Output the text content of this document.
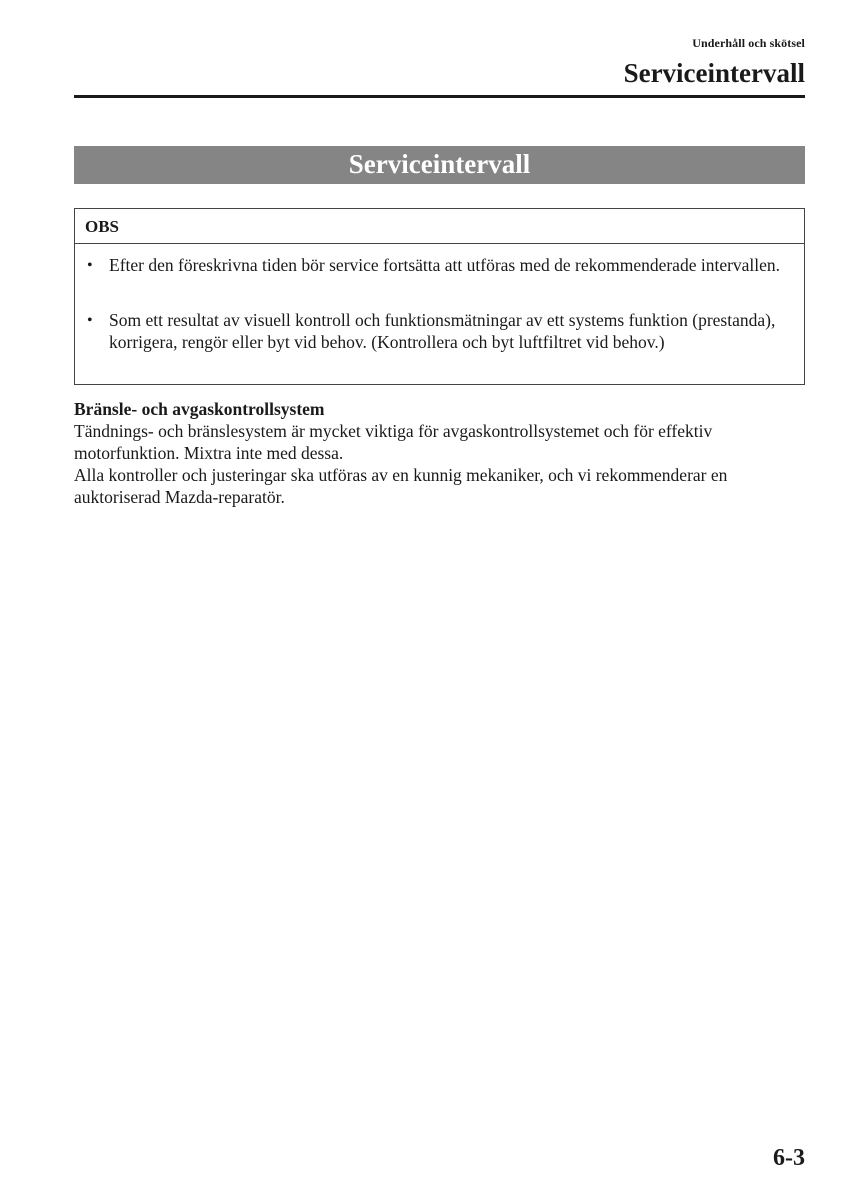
Underhåll och skötsel
Serviceintervall
Serviceintervall
OBS
• Efter den föreskrivna tiden bör service fortsätta att utföras med de rekommenderade intervallen.
• Som ett resultat av visuell kontroll och funktionsmätningar av ett systems funktion (prestanda), korrigera, rengör eller byt vid behov. (Kontrollera och byt luftfiltret vid behov.)
Bränsle- och avgaskontrollsystem

Tändnings- och bränslesystem är mycket viktiga för avgaskontrollsystemet och för effektiv motorfunktion. Mixtra inte med dessa.

Alla kontroller och justeringar ska utföras av en kunnig mekaniker, och vi rekommenderar en auktoriserad Mazda-reparatör.

6-3
